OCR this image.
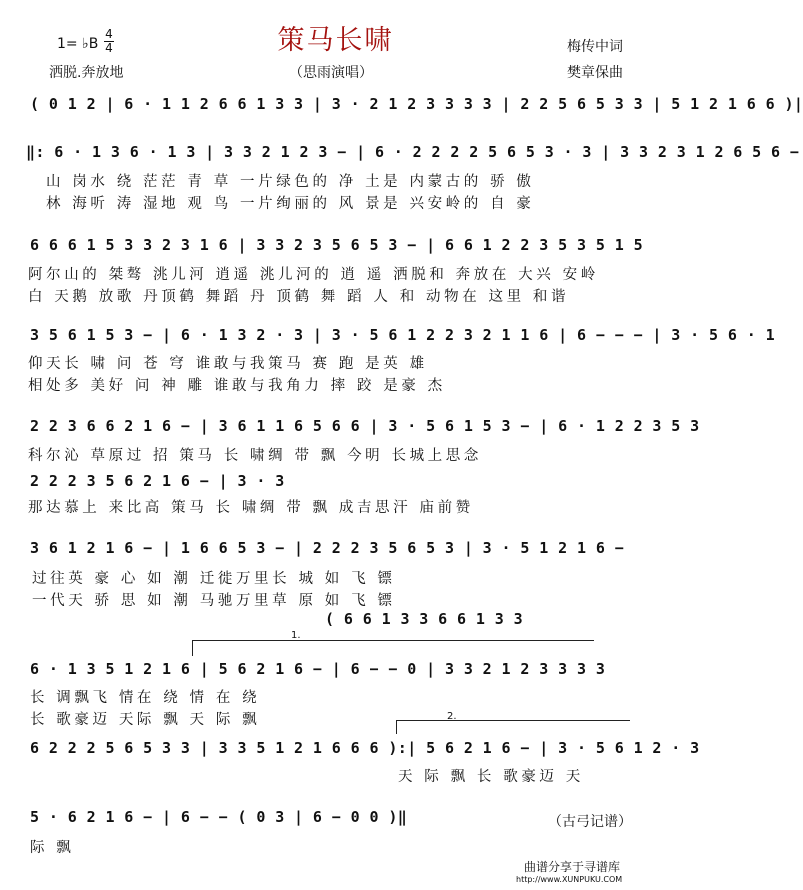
策马长啸
1= ♭B
4
4
洒脱.奔放地	（思雨演唱）
梅传中词
樊章保曲
( 0 1 2 | 6 · 1 1 2 6 6 1 3 3 | 3 · 2 1 2 3 3 3 3 | 2 2 5 6 5 3 3 | 5 1 2 1 6 6 )|
‖: 6 · 1 3 6 · 1 3 | 3 3 2 1 2 3 − | 6 · 2 2 2 2 5 6 5 3 · 3 | 3 3 2 3 1 2 6 5 6 −
山 岗水 绕 茫茫 青 草 一片绿色的 净 土是 内蒙古的 骄 傲
林 海听 涛 湿地 观 鸟 一片绚丽的 风 景是 兴安岭的 自 豪
6 6 6 1 5 3 3 2 3 1 6 | 3 3 2 3 5 6 5 3 − | 6 6 1 2 2 3 5 3 5 1 5
阿尔山的 桀骜 洮儿河 逍遥 洮儿河的 逍 遥 洒脱和 奔放在 大兴 安岭
白 天鹅 放歌 丹顶鹤 舞蹈 丹 顶鹤 舞 蹈 人 和 动物在 这里 和谐
3 5 6 1 5 3 − | 6 · 1 3 2 · 3 | 3 · 5 6 1 2 2 3 2 1 1 6 | 6 − − − | 3 · 5 6 · 1
仰天长 啸 问 苍 穹 谁敢与我策马 赛 跑 是英 雄
相处多 美好 问 神 雕 谁敢与我角力 摔 跤 是豪 杰
2 2 3 6 6 2 1 6 − | 3 6 1 1 6 5 6 6 | 3 · 5 6 1 5 3 − | 6 · 1 2 2 3 5 3
科尔沁 草原过 招 策马 长 啸绸 带 飘 今明 长城上思念
2 2 2 3 5 6 2 1 6 − | 3 · 3
那达慕上 来比高 策马 长 啸绸 带 飘 成吉思汗 庙前赞
3 6 1 2 1 6 − | 1 6 6 5 3 − | 2 2 2 3 5 6 5 3 | 3 · 5 1 2 1 6 −
过往英 豪 心 如 潮 迁徙万里长 城 如 飞 镖
一代天 骄 思 如 潮 马驰万里草 原 如 飞 镖
( 6 6 1 3 3 6 6 1 3 3
1.
6 · 1 3 5 1 2 1 6 | 5 6 2 1 6 − | 6 − − 0 | 3 3 2 1 2 3 3 3 3
长 调飘飞 情在 绕 情 在 绕
长 歌豪迈 天际 飘 天 际 飘	2.
6 2 2 2 5 6 5 3 3 | 3 3 5 1 2 1 6 6 6 ):| 5 6 2 1 6 − | 3 · 5 6 1 2 · 3
天 际 飘 长 歌豪迈 天
5 · 6 2 1 6 − | 6 − − ( 0 3 | 6 − 0 0 )‖
际 飘
（古弓记谱）
曲谱分享于寻谱库
http://www.XUNPUKU.COM
